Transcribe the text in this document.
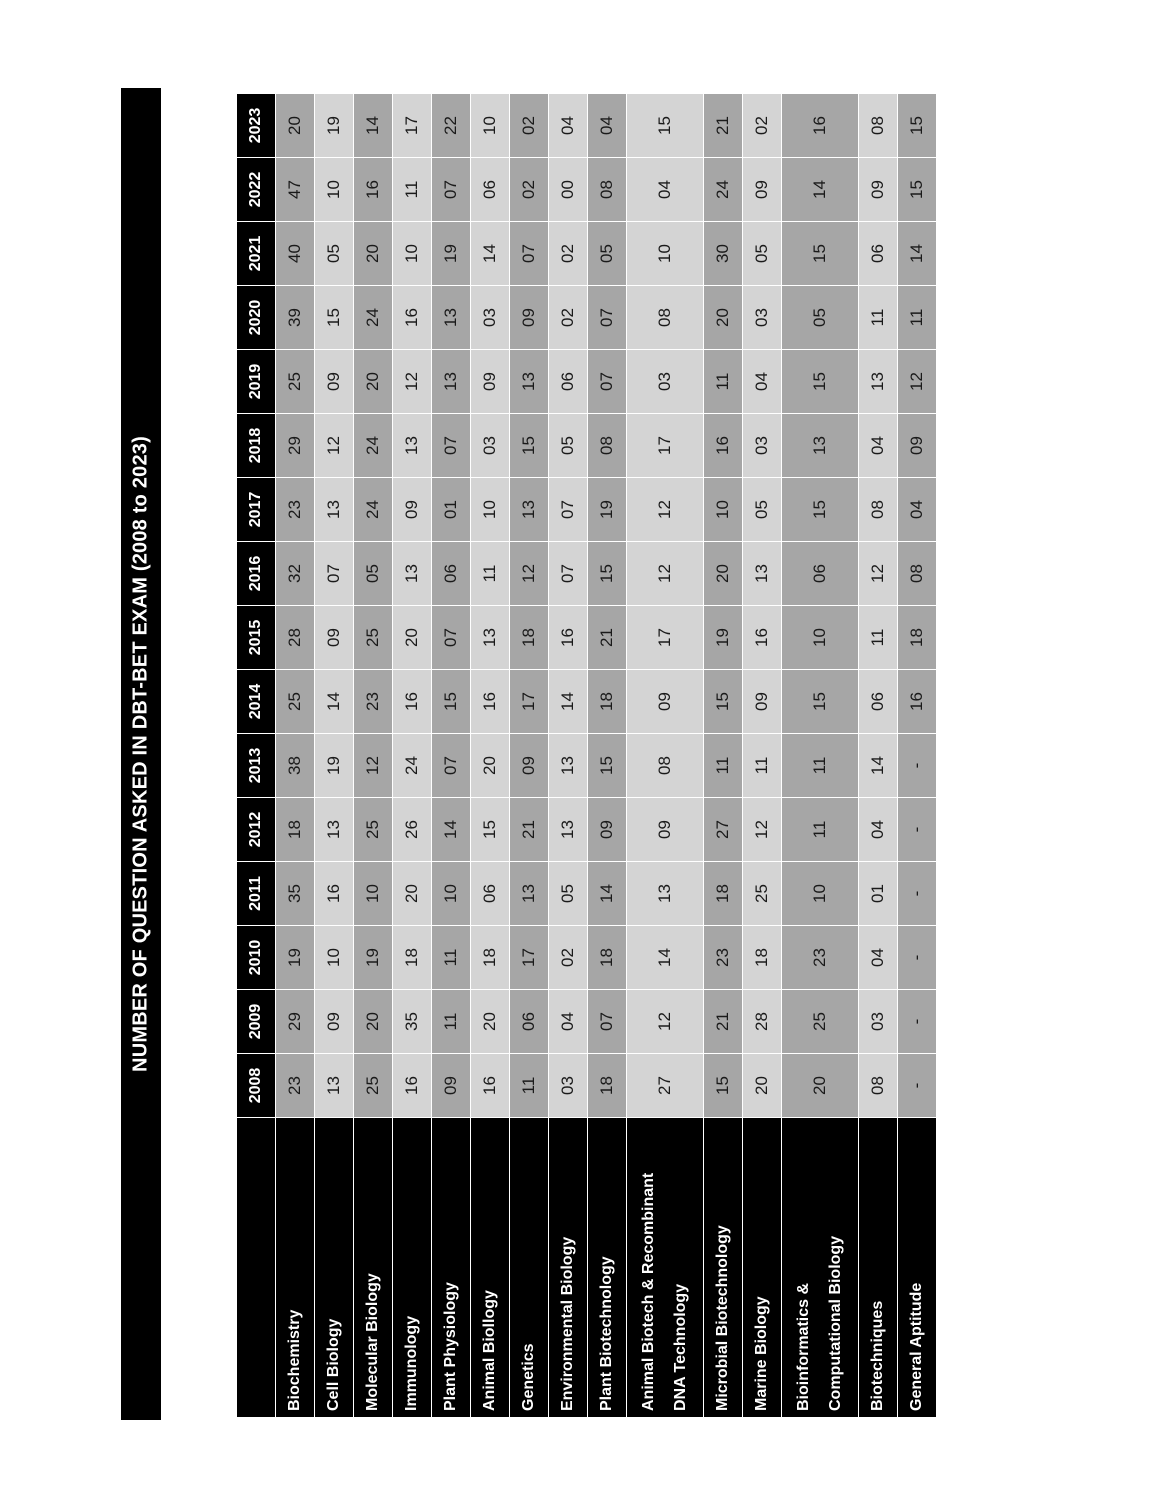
NUMBER OF QUESTION ASKED IN DBT-BET EXAM (2008 to 2023)
	2008	2009	2010	2011	2012	2013	2014	2015	2016	2017	2018	2019	2020	2021	2022	2023

Biochemistry	23	29	19	35	18	38	25	28	32	23	29	25	39	40	47	20

Cell Biology	13	09	10	16	13	19	14	09	07	13	12	09	15	05	10	19

Molecular Biology	25	20	19	10	25	12	23	25	05	24	24	20	24	20	16	14

Immunology	16	35	18	20	26	24	16	20	13	09	13	12	16	10	11	17

Plant Physiology	09	11	11	10	14	07	15	07	06	01	07	13	13	19	07	22

Animal Biollogy	16	20	18	06	15	20	16	13	11	10	03	09	03	14	06	10

Genetics	11	06	17	13	21	09	17	18	12	13	15	13	09	07	02	02

Environmental Biology	03	04	02	05	13	13	14	16	07	07	05	06	02	02	00	04

Plant Biotechnology	18	07	18	14	09	15	18	21	15	19	08	07	07	05	08	04

Animal Biotech & Recombinant DNA Technology	27	12	14	13	09	08	09	17	12	12	17	03	08	10	04	15

Microbial Biotechnology	15	21	23	18	27	11	15	19	20	10	16	11	20	30	24	21

Marine Biology	20	28	18	25	12	11	09	16	13	05	03	04	03	05	09	02

Bioinformatics & Computational Biology	20	25	23	10	11	11	15	10	06	15	13	15	05	15	14	16

Biotechniques	08	03	04	01	04	14	06	11	12	08	04	13	11	06	09	08

General Aptitude	-	-	-	-	-	-	16	18	08	04	09	12	11	14	15	15
